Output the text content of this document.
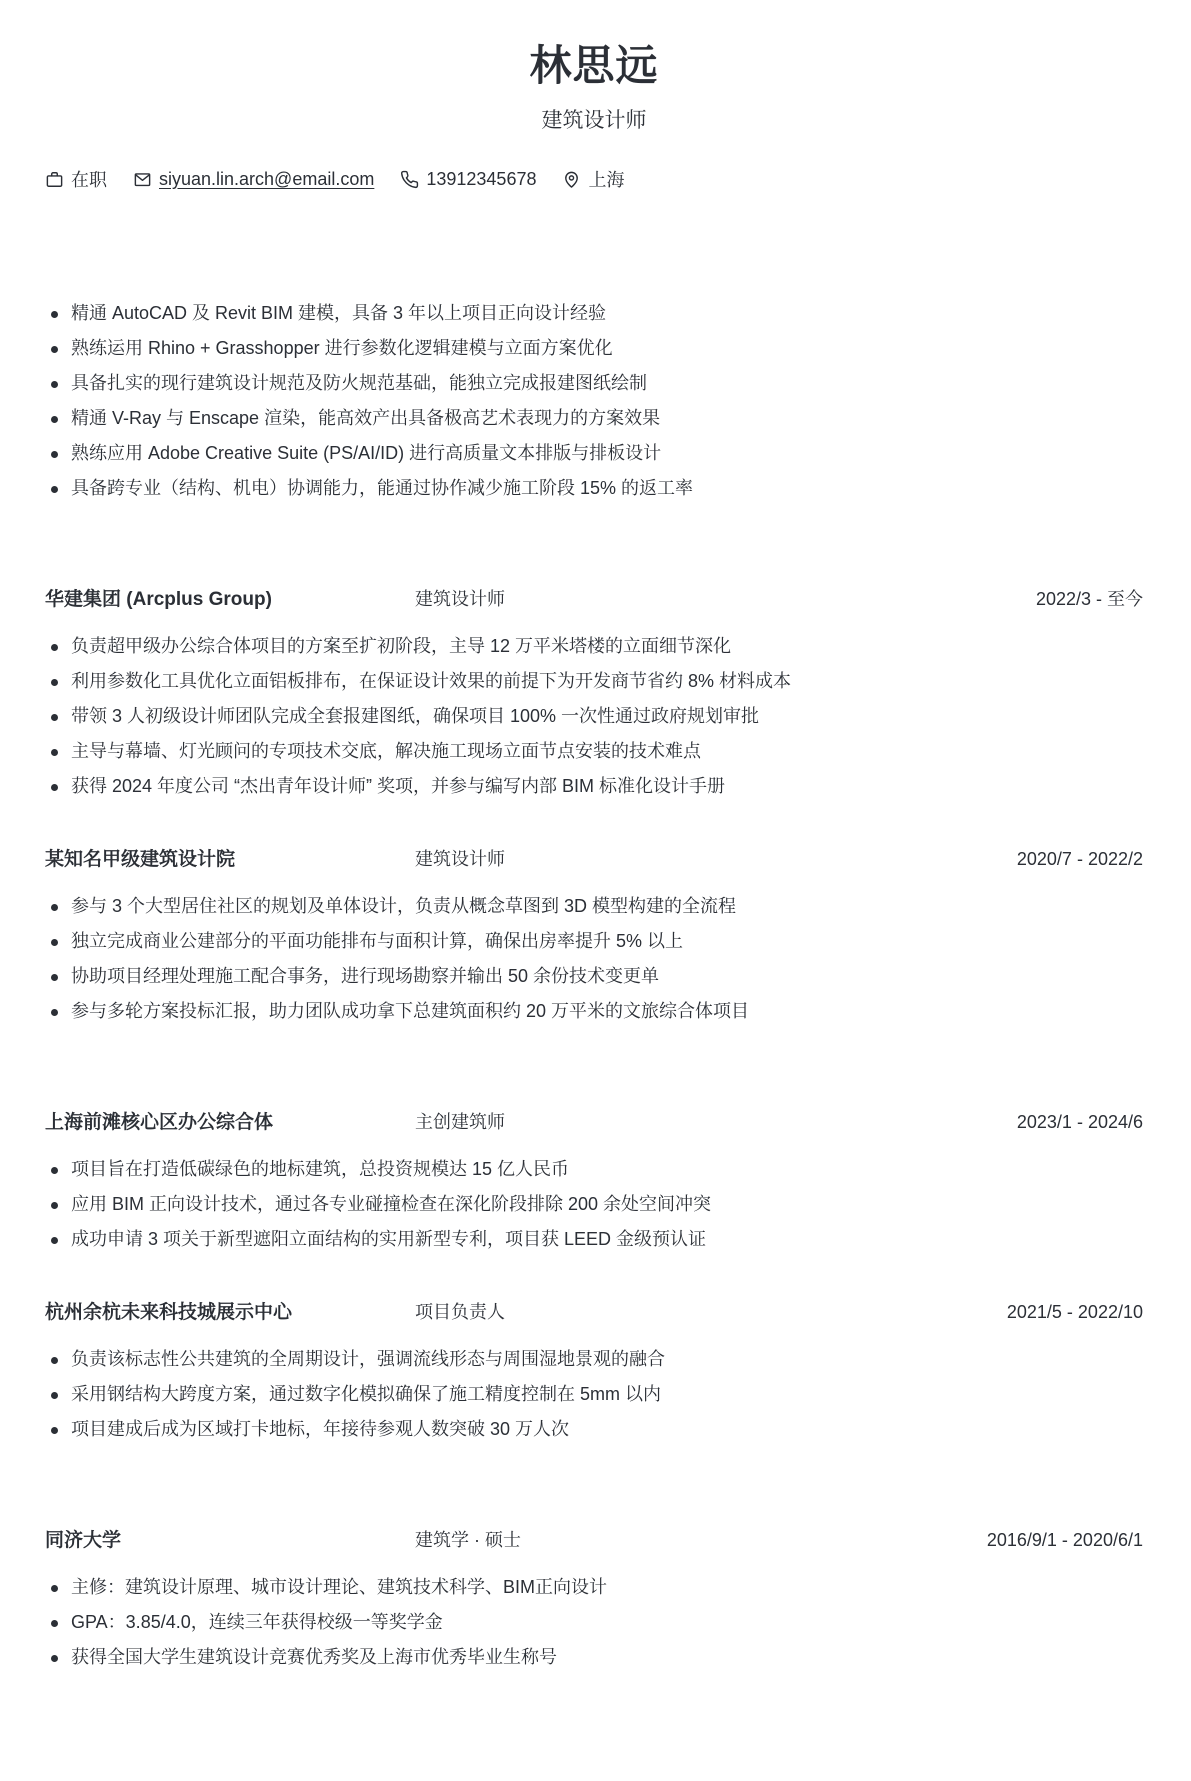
林思远
建筑设计师
在职	siyuan.lin.arch@email.com	13912345678	上海
精通 AutoCAD 及 Revit BIM 建模，具备 3 年以上项目正向设计经验
熟练运用 Rhino + Grasshopper 进行参数化逻辑建模与立面方案优化
具备扎实的现行建筑设计规范及防火规范基础，能独立完成报建图纸绘制
精通 V-Ray 与 Enscape 渲染，能高效产出具备极高艺术表现力的方案效果
熟练应用 Adobe Creative Suite (PS/AI/ID) 进行高质量文本排版与排板设计
具备跨专业（结构、机电）协调能力，能通过协作减少施工阶段 15% 的返工率
华建集团 (Arcplus Group)	建筑设计师	2022/3 - 至今
负责超甲级办公综合体项目的方案至扩初阶段，主导 12 万平米塔楼的立面细节深化
利用参数化工具优化立面铝板排布，在保证设计效果的前提下为开发商节省约 8% 材料成本
带领 3 人初级设计师团队完成全套报建图纸，确保项目 100% 一次性通过政府规划审批
主导与幕墙、灯光顾问的专项技术交底，解决施工现场立面节点安装的技术难点
获得 2024 年度公司 “杰出青年设计师” 奖项，并参与编写内部 BIM 标准化设计手册
某知名甲级建筑设计院	建筑设计师	2020/7 - 2022/2
参与 3 个大型居住社区的规划及单体设计，负责从概念草图到 3D 模型构建的全流程
独立完成商业公建部分的平面功能排布与面积计算，确保出房率提升 5% 以上
协助项目经理处理施工配合事务，进行现场勘察并输出 50 余份技术变更单
参与多轮方案投标汇报，助力团队成功拿下总建筑面积约 20 万平米的文旅综合体项目
上海前滩核心区办公综合体	主创建筑师	2023/1 - 2024/6
项目旨在打造低碳绿色的地标建筑，总投资规模达 15 亿人民币
应用 BIM 正向设计技术，通过各专业碰撞检查在深化阶段排除 200 余处空间冲突
成功申请 3 项关于新型遮阳立面结构的实用新型专利，项目获 LEED 金级预认证
杭州余杭未来科技城展示中心	项目负责人	2021/5 - 2022/10
负责该标志性公共建筑的全周期设计，强调流线形态与周围湿地景观的融合
采用钢结构大跨度方案，通过数字化模拟确保了施工精度控制在 5mm 以内
项目建成后成为区域打卡地标，年接待参观人数突破 30 万人次
同济大学	建筑学 · 硕士	2016/9/1 - 2020/6/1
主修：建筑设计原理、城市设计理论、建筑技术科学、BIM正向设计
GPA：3.85/4.0，连续三年获得校级一等奖学金
获得全国大学生建筑设计竞赛优秀奖及上海市优秀毕业生称号
